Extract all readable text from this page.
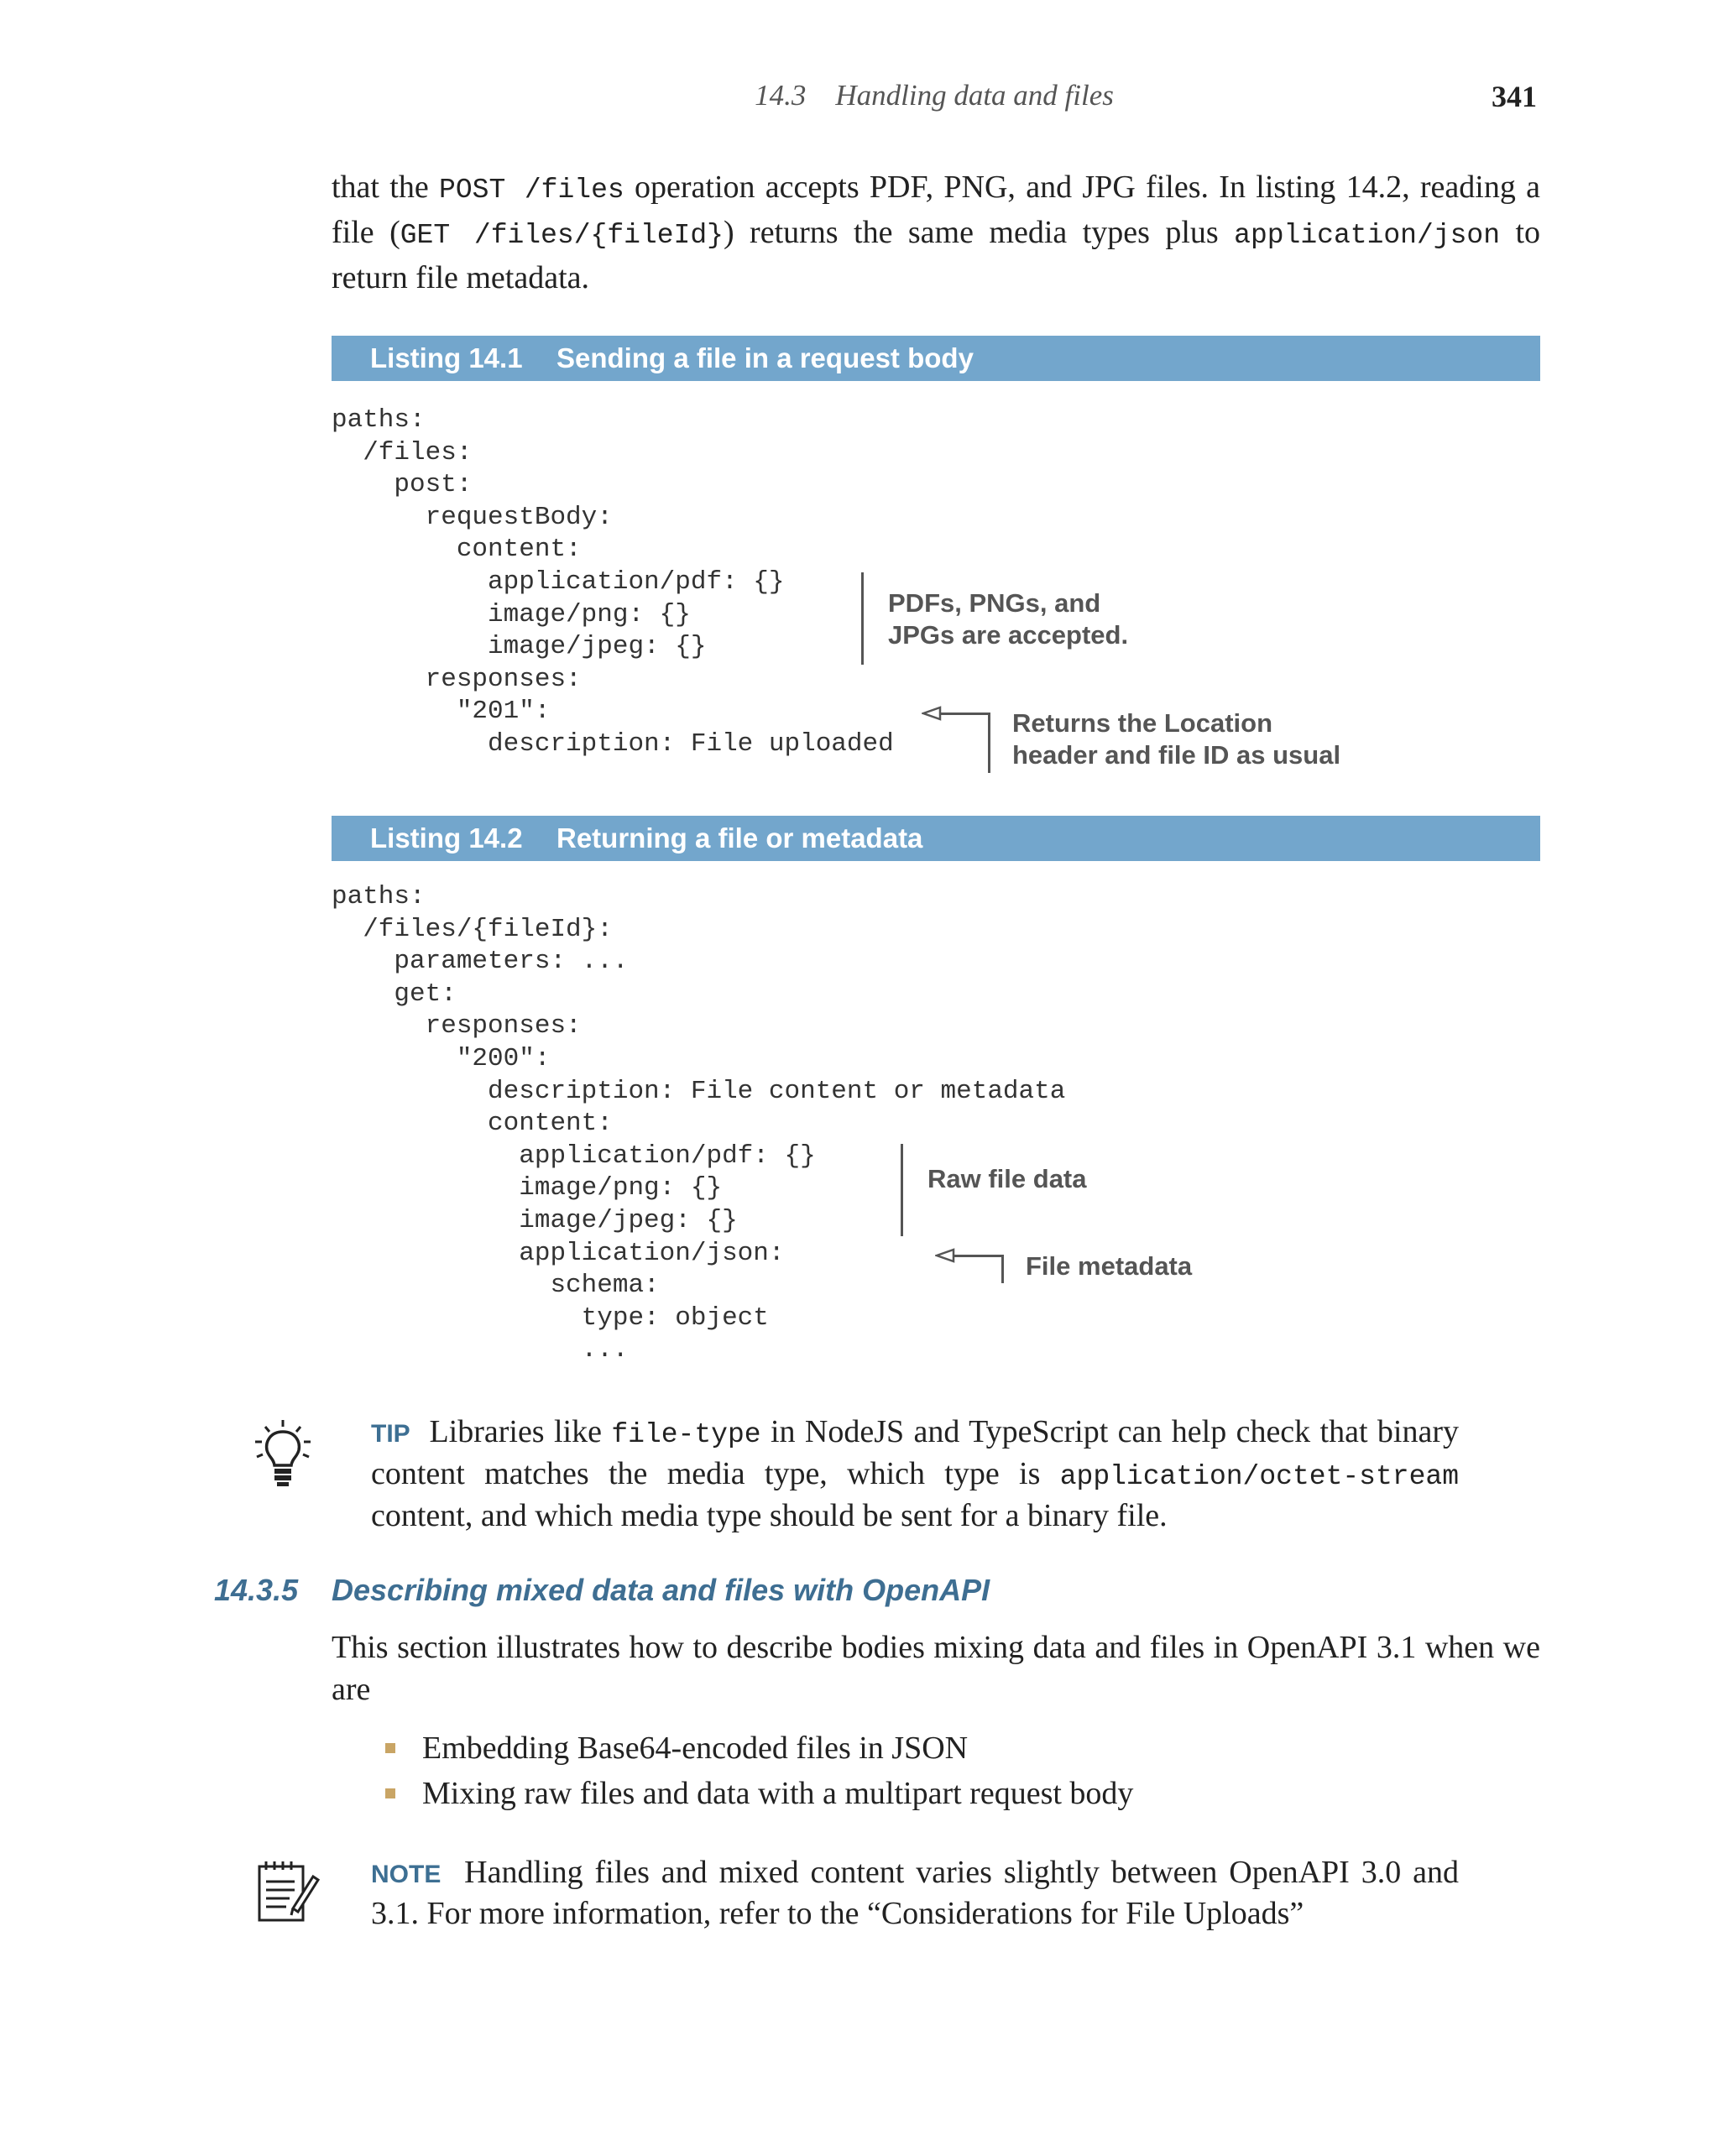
14.3 Handling data and files	341
that the POST /files operation accepts PDF, PNG, and JPG files. In listing 14.2, reading a file (GET /files/{fileId}) returns the same media types plus application/json to return file metadata.
Listing 14.1 Sending a file in a request body
paths:
/files:
post:
requestBody:
content:
application/pdf: {}
image/png: {}
image/jpeg: {}
responses:
"201":
description: File uploaded
PDFs, PNGs, and JPGs are accepted.
Returns the Location header and file ID as usual
Listing 14.2 Returning a file or metadata
paths:
/files/{fileId}:
parameters: ...
get:
responses:
"200":
description: File content or metadata
content:
application/pdf: {}
image/png: {}
image/jpeg: {}
application/json:
schema:
type: object
...
Raw file data
File metadata
TIP Libraries like file-type in NodeJS and TypeScript can help check that binary content matches the media type, which type is application/octet-stream content, and which media type should be sent for a binary file.
14.3.5 Describing mixed data and files with OpenAPI
This section illustrates how to describe bodies mixing data and files in OpenAPI 3.1 when we are
Embedding Base64-encoded files in JSON
Mixing raw files and data with a multipart request body
NOTE Handling files and mixed content varies slightly between OpenAPI 3.0 and 3.1. For more information, refer to the “Considerations for File Uploads”
